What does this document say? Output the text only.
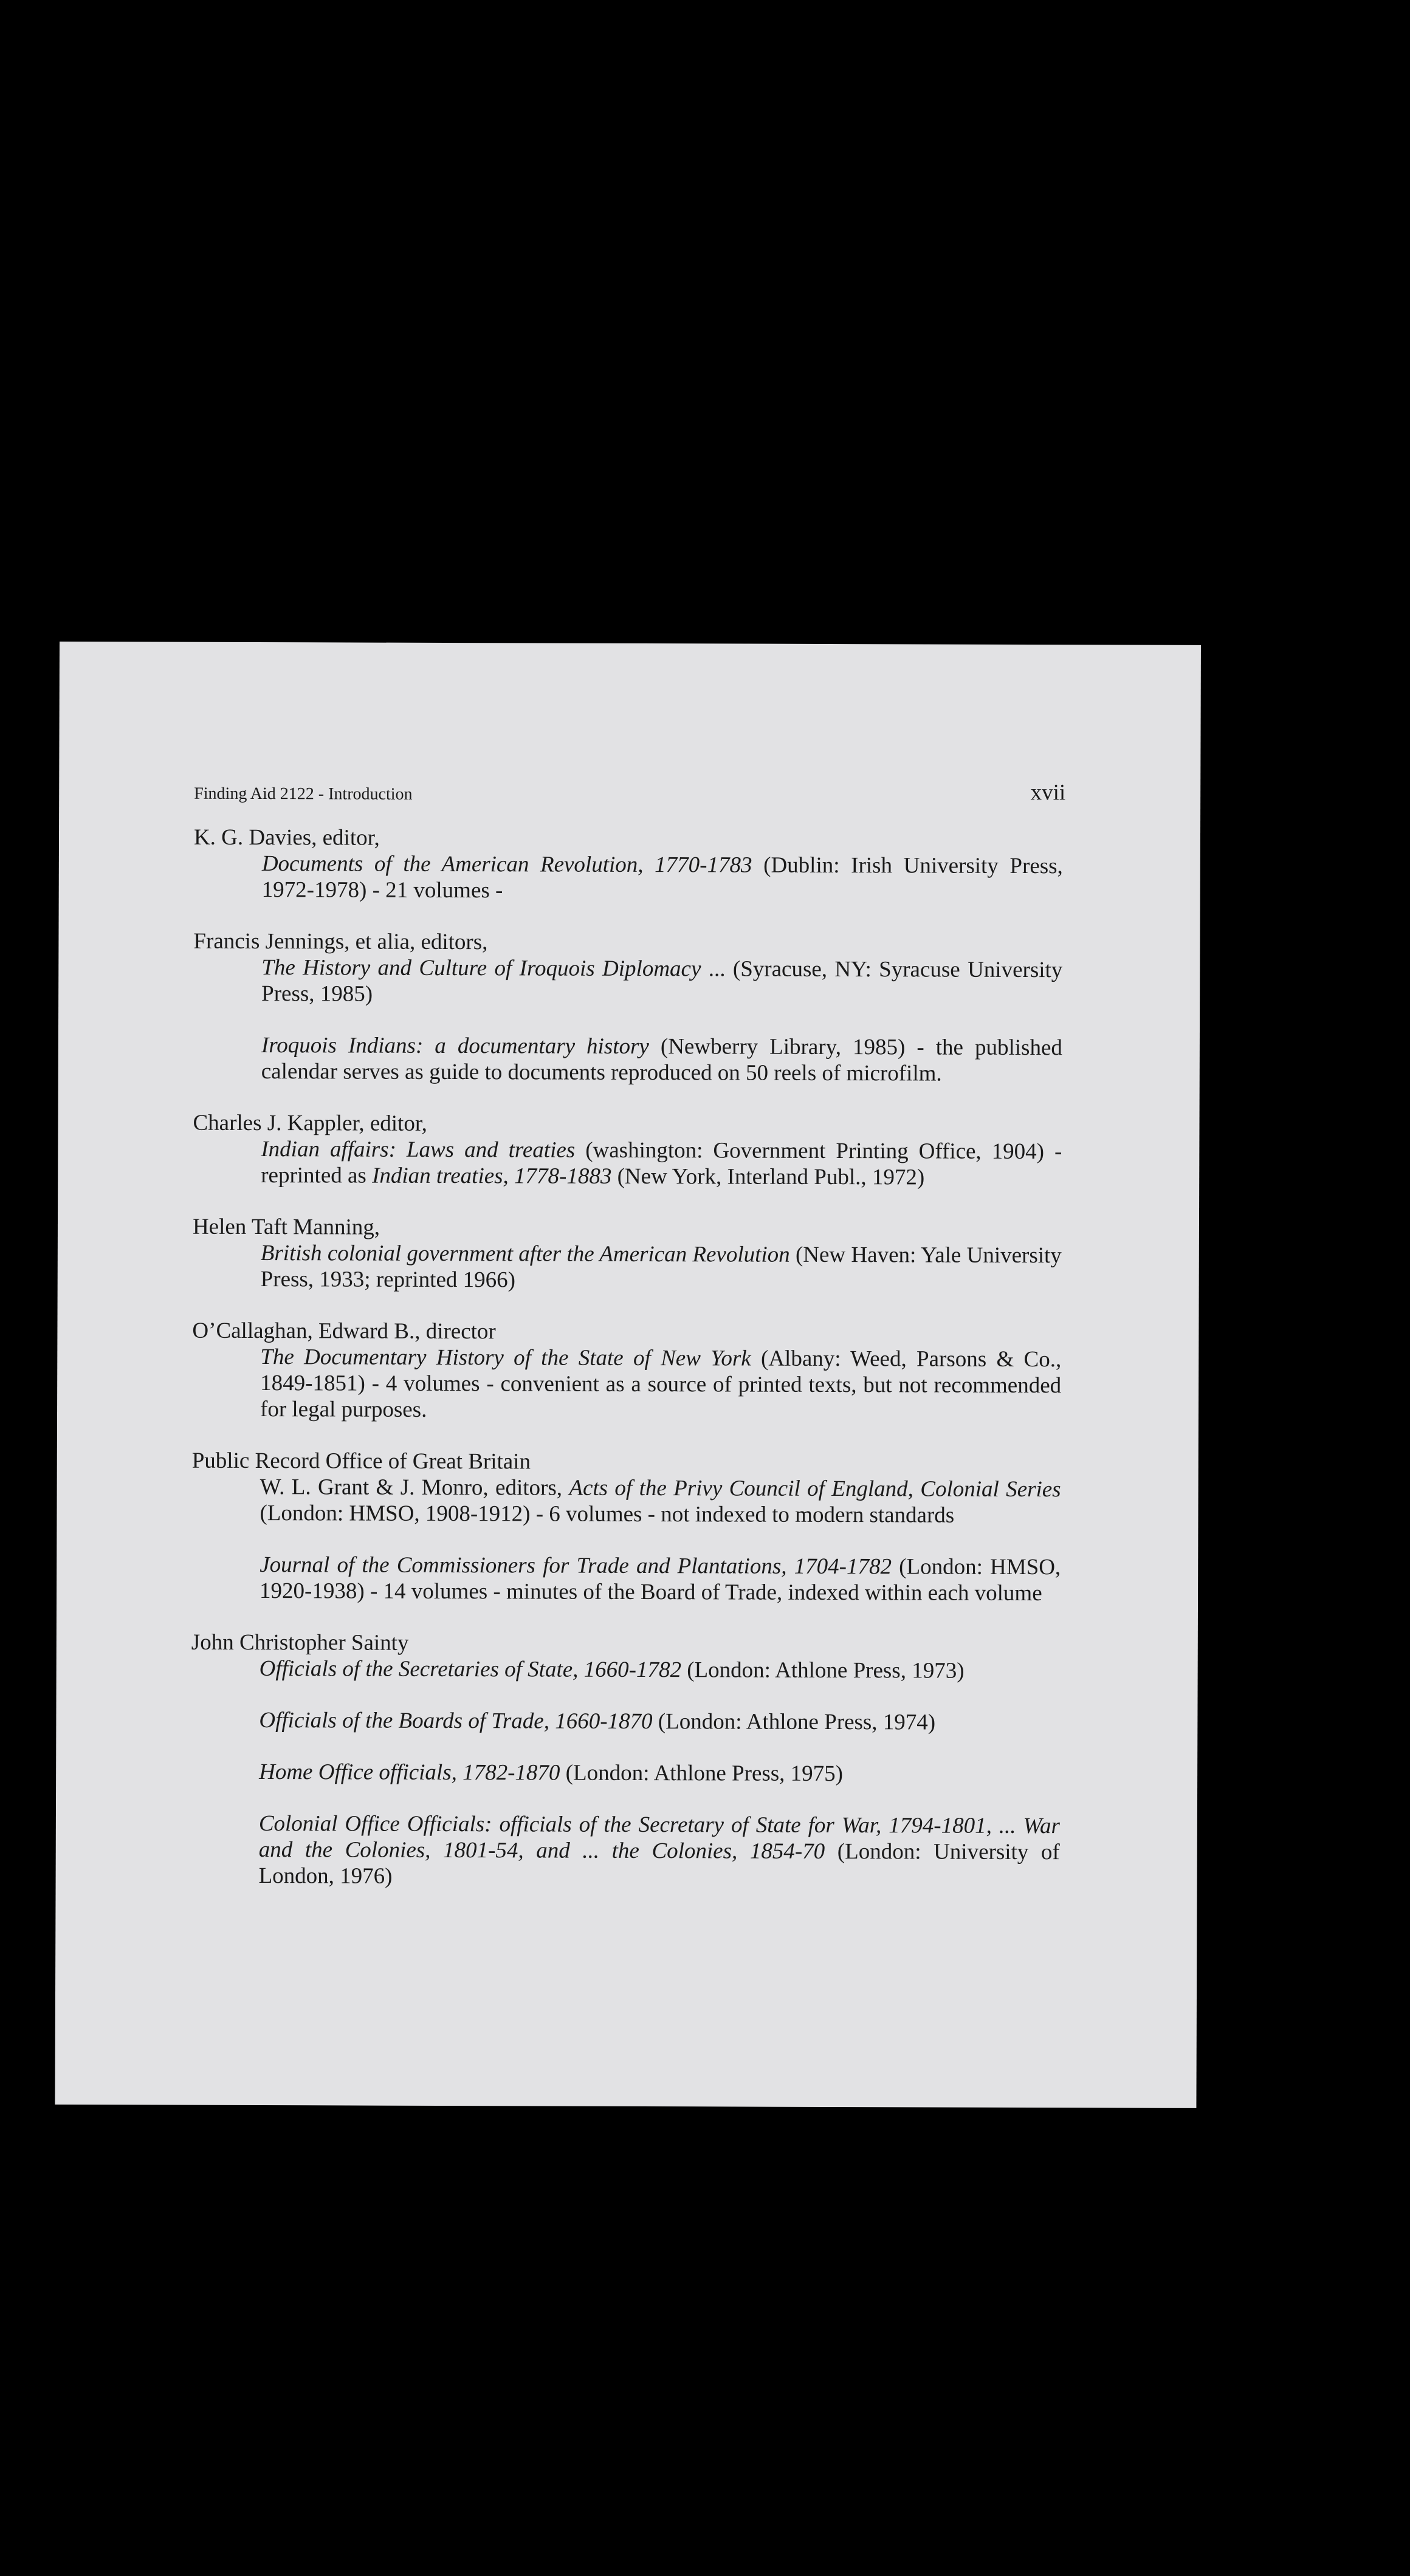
Finding Aid 2122 - Introduction	xvii

K. G. Davies, editor,

Documents of the American Revolution, 1770-1783 (Dublin: Irish University Press, 1972-1978) - 21 volumes -

Francis Jennings, et alia, editors,

The History and Culture of Iroquois Diplomacy ... (Syracuse, NY: Syracuse University Press, 1985)

Iroquois Indians: a documentary history (Newberry Library, 1985) - the published calendar serves as guide to documents reproduced on 50 reels of microfilm.

Charles J. Kappler, editor,

Indian affairs: Laws and treaties (washington: Government Printing Office, 1904) - reprinted as Indian treaties, 1778-1883 (New York, Interland Publ., 1972)

Helen Taft Manning,

British colonial government after the American Revolution (New Haven: Yale University Press, 1933; reprinted 1966)

O’Callaghan, Edward B., director

The Documentary History of the State of New York (Albany: Weed, Parsons & Co., 1849-1851) - 4 volumes - convenient as a source of printed texts, but not recommended for legal purposes.

Public Record Office of Great Britain

W. L. Grant & J. Monro, editors, Acts of the Privy Council of England, Colonial Series (London: HMSO, 1908-1912) - 6 volumes - not indexed to modern standards

Journal of the Commissioners for Trade and Plantations, 1704-1782 (London: HMSO, 1920-1938) - 14 volumes - minutes of the Board of Trade, indexed within each volume

John Christopher Sainty

Officials of the Secretaries of State, 1660-1782 (London: Athlone Press, 1973)

Officials of the Boards of Trade, 1660-1870 (London: Athlone Press, 1974)

Home Office officials, 1782-1870 (London: Athlone Press, 1975)

Colonial Office Officials: officials of the Secretary of State for War, 1794-1801, ... War and the Colonies, 1801-54, and ... the Colonies, 1854-70 (London: University of London, 1976)
